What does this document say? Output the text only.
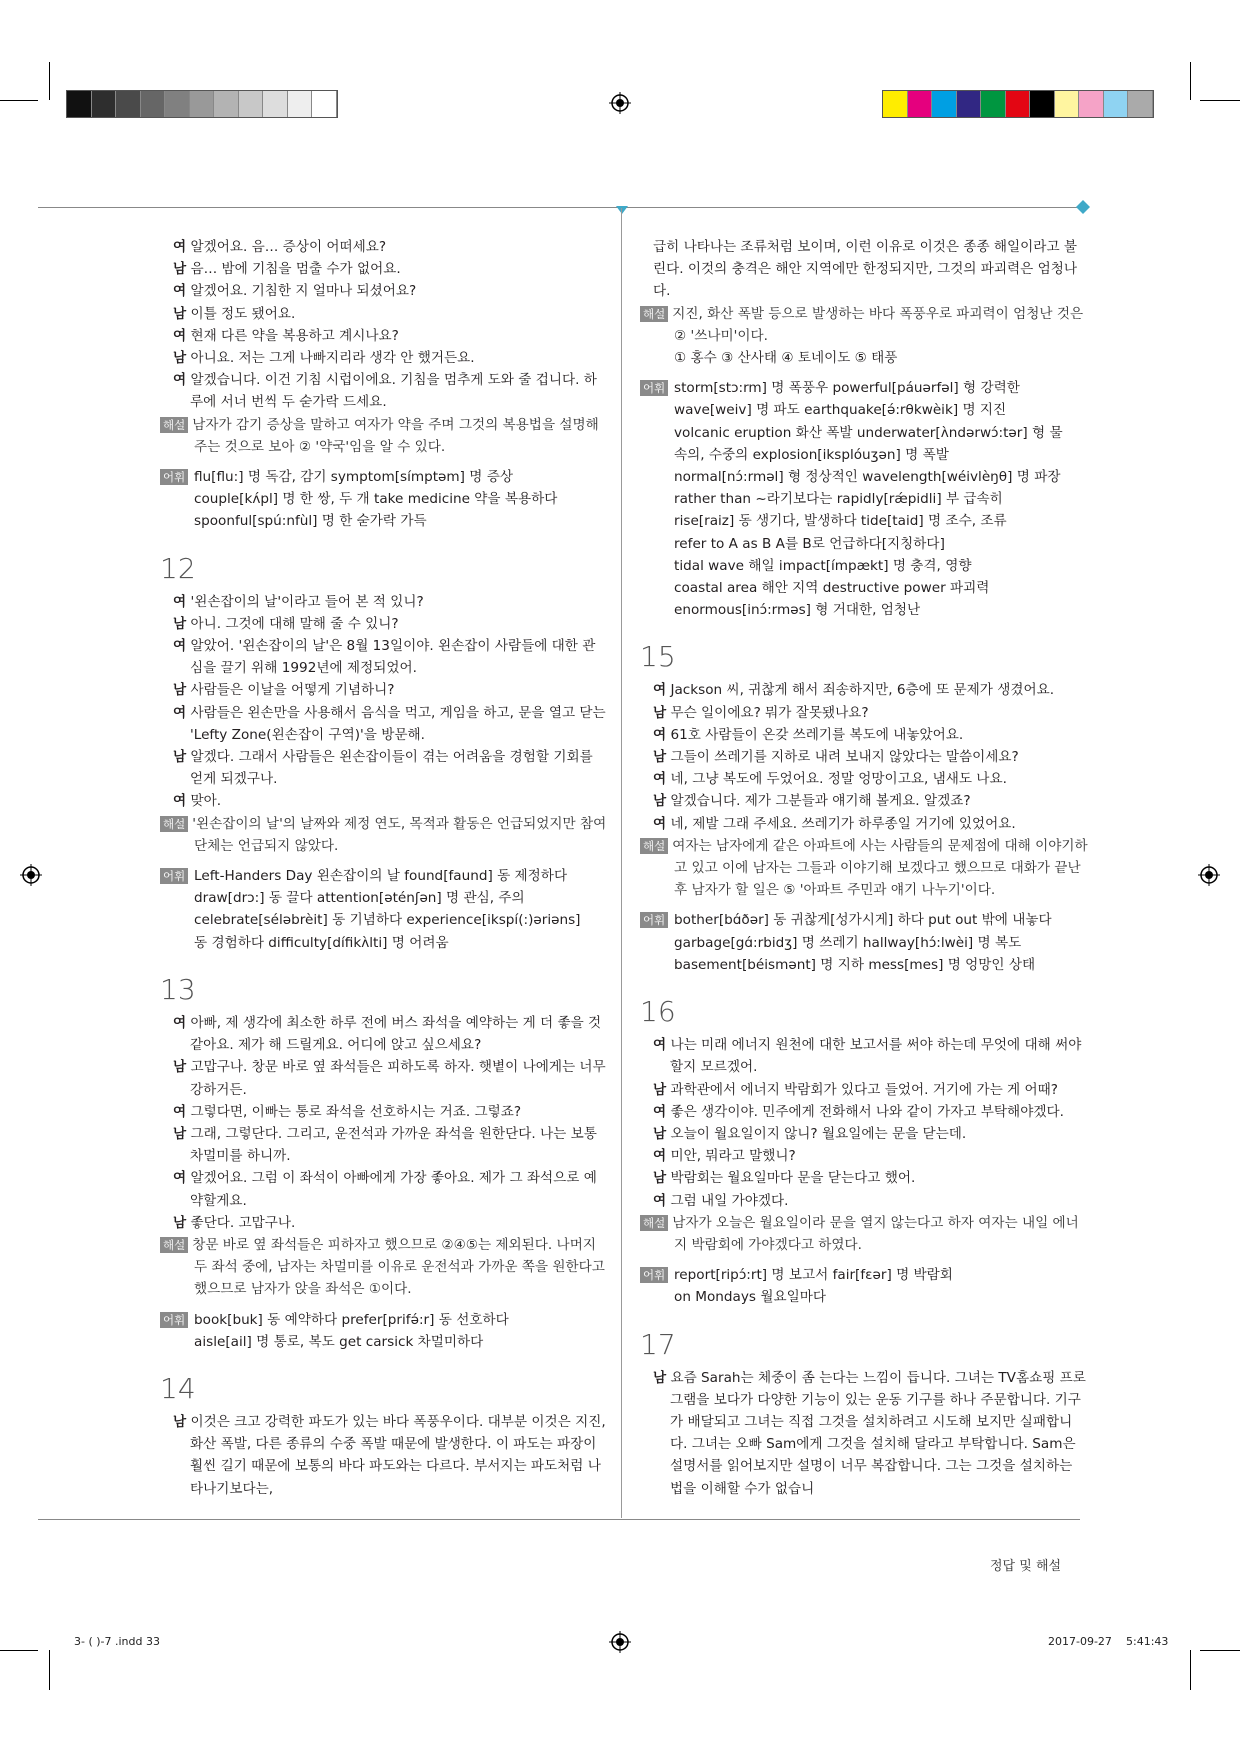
여 알겠어요. 음… 증상이 어떠세요?

남 음… 밤에 기침을 멈출 수가 없어요.

여 알겠어요. 기침한 지 얼마나 되셨어요?

남 이틀 정도 됐어요.

여 현재 다른 약을 복용하고 계시나요?

남 아니요. 저는 그게 나빠지리라 생각 안 했거든요.

여 알겠습니다. 이건 기침 시럽이에요. 기침을 멈추게 도와 줄 겁니다. 하루에 서너 번씩 두 숟가락 드세요.

해설 남자가 감기 증상을 말하고 여자가 약을 주며 그것의 복용법을 설명해주는 것으로 보아 ② '약국'임을 알 수 있다.

어휘 flu[flu:] 명 독감, 감기 symptom[símptəm] 명 증상
couple[kʌ́pl] 명 한 쌍, 두 개 take medicine 약을 복용하다
spoonful[spú:nfùl] 명 한 숟가락 가득
12

여 '왼손잡이의 날'이라고 들어 본 적 있니?

남 아니. 그것에 대해 말해 줄 수 있니?

여 알았어. '왼손잡이의 날'은 8월 13일이야. 왼손잡이 사람들에 대한 관심을 끌기 위해 1992년에 제정되었어.

남 사람들은 이날을 어떻게 기념하니?

여 사람들은 왼손만을 사용해서 음식을 먹고, 게임을 하고, 문을 열고 닫는 'Lefty Zone(왼손잡이 구역)'을 방문해.

남 알겠다. 그래서 사람들은 왼손잡이들이 겪는 어려움을 경험할 기회를 얻게 되겠구나.

여 맞아.

해설 '왼손잡이의 날'의 날짜와 제정 연도, 목적과 활동은 언급되었지만 참여 단체는 언급되지 않았다.

어휘 Left-Handers Day 왼손잡이의 날 found[faund] 동 제정하다
draw[drɔ:] 동 끌다 attention[əténʃən] 명 관심, 주의
celebrate[séləbrèit] 동 기념하다 experience[ikspí(:)əriəns]
동 경험하다 difficulty[dífikʌ̀lti] 명 어려움
13

여 아빠, 제 생각에 최소한 하루 전에 버스 좌석을 예약하는 게 더 좋을 것 같아요. 제가 해 드릴게요. 어디에 앉고 싶으세요?

남 고맙구나. 창문 바로 옆 좌석들은 피하도록 하자. 햇볕이 나에게는 너무 강하거든.

여 그렇다면, 이빠는 통로 좌석을 선호하시는 거죠. 그렇죠?

남 그래, 그렇단다. 그리고, 운전석과 가까운 좌석을 원한단다. 나는 보통 차멀미를 하니까.

여 알겠어요. 그럼 이 좌석이 아빠에게 가장 좋아요. 제가 그 좌석으로 예약할게요.

남 좋단다. 고맙구나.

해설 창문 바로 옆 좌석들은 피하자고 했으므로 ②④⑤는 제외된다. 나머지 두 좌석 중에, 남자는 차멀미를 이유로 운전석과 가까운 쪽을 원한다고 했으므로 남자가 앉을 좌석은 ①이다.

어휘 book[buk] 동 예약하다 prefer[prifə́:r] 동 선호하다
aisle[ail] 명 통로, 복도 get carsick 차멀미하다
14

남 이것은 크고 강력한 파도가 있는 바다 폭풍우이다. 대부분 이것은 지진, 화산 폭발, 다른 종류의 수중 폭발 때문에 발생한다. 이 파도는 파장이 훨씬 길기 때문에 보통의 바다 파도와는 다르다. 부서지는 파도처럼 나타나기보다는,

급히 나타나는 조류처럼 보이며, 이런 이유로 이것은 종종 해일이라고 불린다. 이것의 충격은 해안 지역에만 한정되지만, 그것의 파괴력은 엄청나다.

해설 지진, 화산 폭발 등으로 발생하는 바다 폭풍우로 파괴력이 엄청난 것은 ② '쓰나미'이다.

① 홍수 ③ 산사태 ④ 토네이도 ⑤ 태풍

어휘 storm[stɔ:rm] 명 폭풍우 powerful[páuərfəl] 형 강력한
wave[weiv] 명 파도 earthquake[ə́:rθkwèik] 명 지진
volcanic eruption 화산 폭발 underwater[ʌ̀ndərwɔ́:tər] 형 물
속의, 수중의 explosion[iksplóuʒən] 명 폭발
normal[nɔ́:rməl] 형 정상적인 wavelength[wéivlèŋθ] 명 파장
rather than ~라기보다는 rapidly[rǽpidli] 부 급속히
rise[raiz] 동 생기다, 발생하다 tide[taid] 명 조수, 조류
refer to A as B A를 B로 언급하다[지칭하다]
tidal wave 해일 impact[ímpækt] 명 충격, 영향
coastal area 해안 지역 destructive power 파괴력
enormous[inɔ́:rməs] 형 거대한, 엄청난
15

여 Jackson 씨, 귀찮게 해서 죄송하지만, 6층에 또 문제가 생겼어요.

남 무슨 일이에요? 뭐가 잘못됐나요?

여 61호 사람들이 온갖 쓰레기를 복도에 내놓았어요.

남 그들이 쓰레기를 지하로 내려 보내지 않았다는 말씀이세요?

여 네, 그냥 복도에 두었어요. 정말 엉망이고요, 냄새도 나요.

남 알겠습니다. 제가 그분들과 얘기해 볼게요. 알겠죠?

여 네, 제발 그래 주세요. 쓰레기가 하루종일 거기에 있었어요.

해설 여자는 남자에게 같은 아파트에 사는 사람들의 문제점에 대해 이야기하고 있고 이에 남자는 그들과 이야기해 보겠다고 했으므로 대화가 끝난 후 남자가 할 일은 ⑤ '아파트 주민과 얘기 나누기'이다.

어휘 bother[bɑ́ðər] 동 귀찮게[성가시게] 하다 put out 밖에 내놓다
garbage[gɑ́:rbidʒ] 명 쓰레기 hallway[hɔ́:lwèi] 명 복도
basement[béismənt] 명 지하 mess[mes] 명 엉망인 상태
16

여 나는 미래 에너지 원천에 대한 보고서를 써야 하는데 무엇에 대해 써야 할지 모르겠어.

남 과학관에서 에너지 박람회가 있다고 들었어. 거기에 가는 게 어때?

여 좋은 생각이야. 민주에게 전화해서 나와 같이 가자고 부탁해야겠다.

남 오늘이 월요일이지 않니? 월요일에는 문을 닫는데.

여 미안, 뭐라고 말했니?

남 박람회는 월요일마다 문을 닫는다고 했어.

여 그럼 내일 가야겠다.

해설 남자가 오늘은 월요일이라 문을 열지 않는다고 하자 여자는 내일 에너지 박람회에 가야겠다고 하였다.

어휘 report[ripɔ́:rt] 명 보고서 fair[fɛər] 명 박람회
on Mondays 월요일마다
17

남 요즘 Sarah는 체중이 좀 는다는 느낌이 듭니다. 그녀는 TV홈쇼핑 프로그램을 보다가 다양한 기능이 있는 운동 기구를 하나 주문합니다. 기구가 배달되고 그녀는 직접 그것을 설치하려고 시도해 보지만 실패합니다. 그녀는 오빠 Sam에게 그것을 설치해 달라고 부탁합니다. Sam은 설명서를 읽어보지만 설명이 너무 복잡합니다. 그는 그것을 설치하는 법을 이해할 수가 없습니

정답 및 해설
3- ( )-7 .indd 33	2017-09-27 5:41:43
